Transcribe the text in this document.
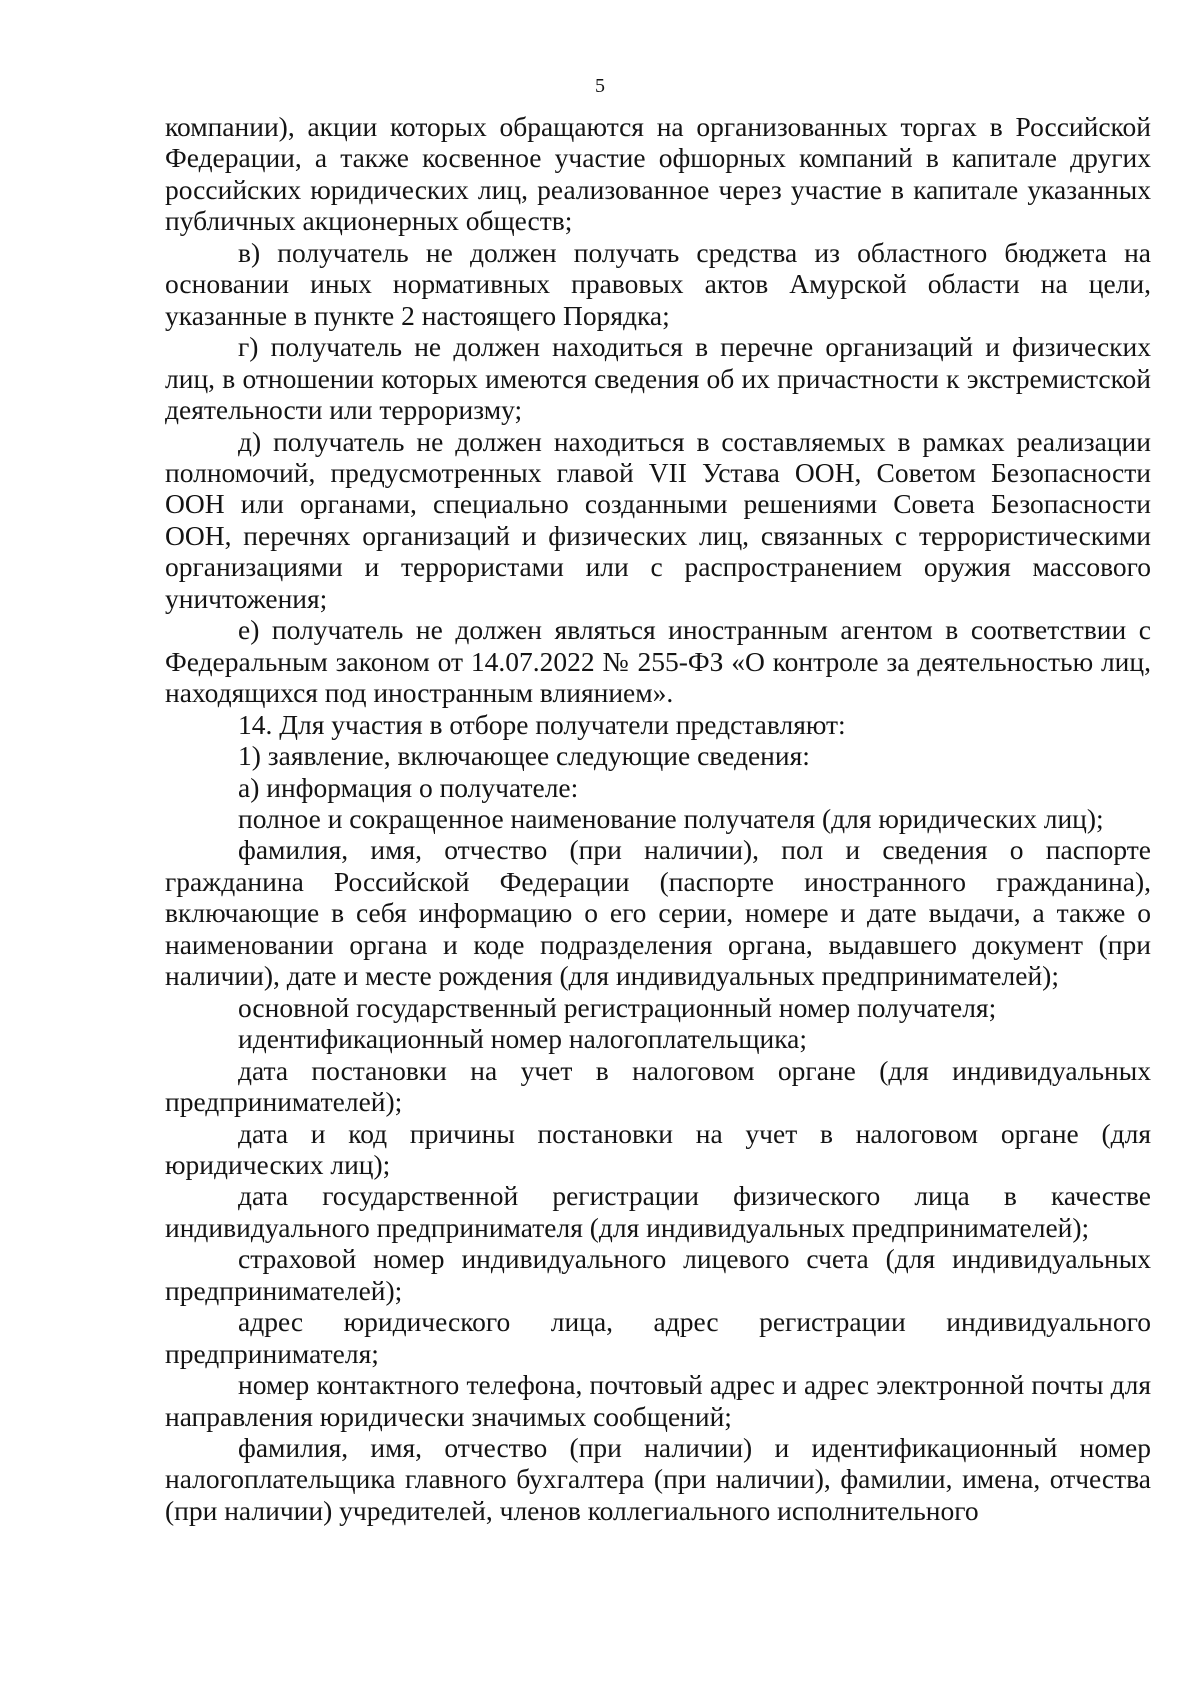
5

компании), акции которых обращаются на организованных торгах в Российской Федерации, а также косвенное участие офшорных компаний в капитале других российских юридических лиц, реализованное через участие в капитале указанных публичных акционерных обществ;

в) получатель не должен получать средства из областного бюджета на основании иных нормативных правовых актов Амурской области на цели, указанные в пункте 2 настоящего Порядка;

г) получатель не должен находиться в перечне организаций и физических лиц, в отношении которых имеются сведения об их причастности к экстремистской деятельности или терроризму;

д) получатель не должен находиться в составляемых в рамках реализации полномочий, предусмотренных главой VII Устава ООН, Советом Безопасности ООН или органами, специально созданными решениями Совета Безопасности ООН, перечнях организаций и физических лиц, связанных с террористическими организациями и террористами или с распространением оружия массового уничтожения;

е) получатель не должен являться иностранным агентом в соответствии с Федеральным законом от 14.07.2022 № 255-ФЗ «О контроле за деятельностью лиц, находящихся под иностранным влиянием».

14. Для участия в отборе получатели представляют:

1) заявление, включающее следующие сведения:

а) информация о получателе:

полное и сокращенное наименование получателя (для юридических лиц);

фамилия, имя, отчество (при наличии), пол и сведения о паспорте гражданина Российской Федерации (паспорте иностранного гражданина), включающие в себя информацию о его серии, номере и дате выдачи, а также о наименовании органа и коде подразделения органа, выдавшего документ (при наличии), дате и месте рождения (для индивидуальных предпринимателей);

основной государственный регистрационный номер получателя;

идентификационный номер налогоплательщика;

дата постановки на учет в налоговом органе (для индивидуальных предпринимателей);

дата и код причины постановки на учет в налоговом органе (для юридических лиц);

дата государственной регистрации физического лица в качестве индивидуального предпринимателя (для индивидуальных предпринимателей);

страховой номер индивидуального лицевого счета (для индивидуальных предпринимателей);

адрес юридического лица, адрес регистрации индивидуального предпринимателя;

номер контактного телефона, почтовый адрес и адрес электронной почты для направления юридически значимых сообщений;

фамилия, имя, отчество (при наличии) и идентификационный номер налогоплательщика главного бухгалтера (при наличии), фамилии, имена, отчества (при наличии) учредителей, членов коллегиального исполнительного
